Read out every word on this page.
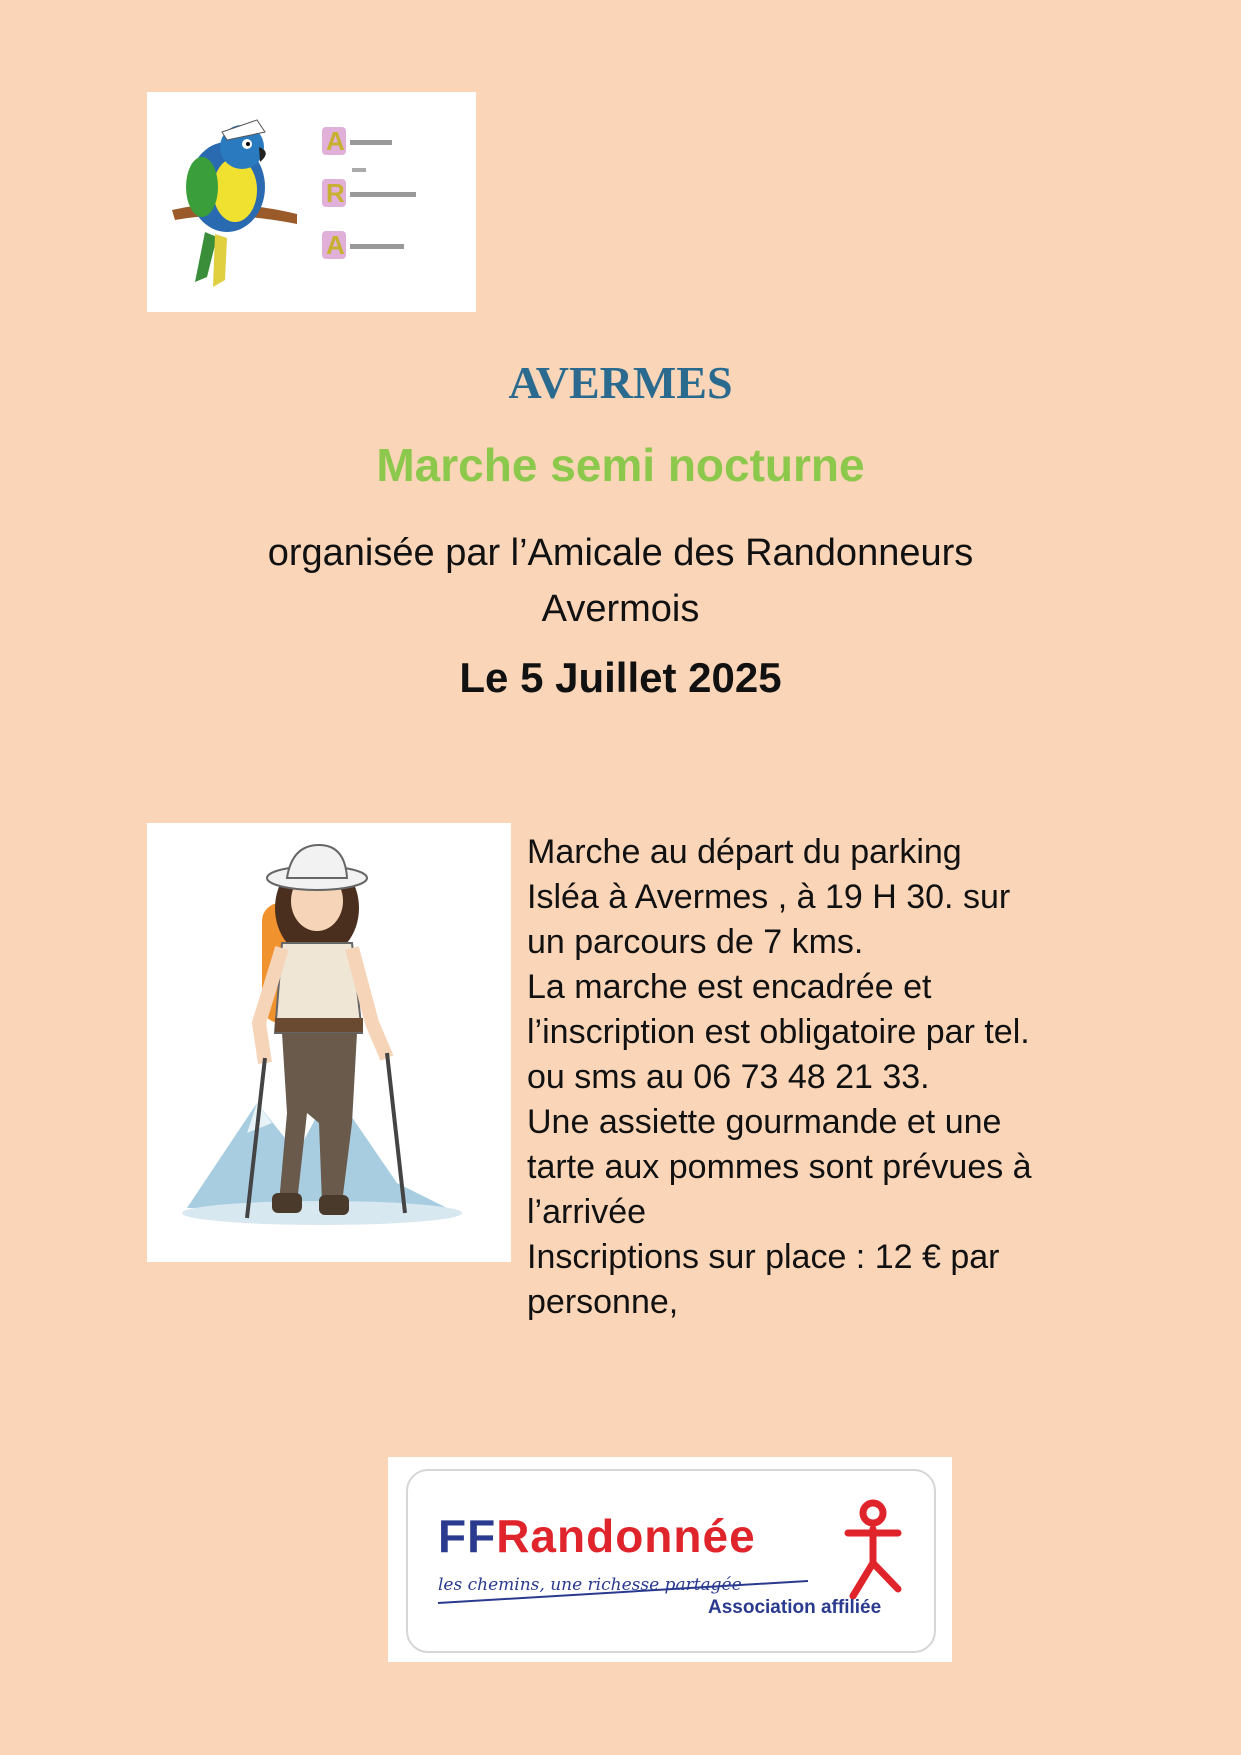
A
R
A
AVERMES
Marche semi nocturne
organisée par l’Amicale des Randonneurs
Avermois
Le 5 Juillet 2025
Marche au départ du parking
Isléa à Avermes , à 19 H 30. sur
un parcours de 7 kms.
La marche est encadrée et
l’inscription est obligatoire par tel.
ou sms au 06 73 48 21 33.
Une assiette gourmande et une
tarte aux pommes sont prévues à
l’arrivée
Inscriptions sur place : 12 € par
personne,
FFRandonnée
les chemins, une richesse partagée
Association affiliée
